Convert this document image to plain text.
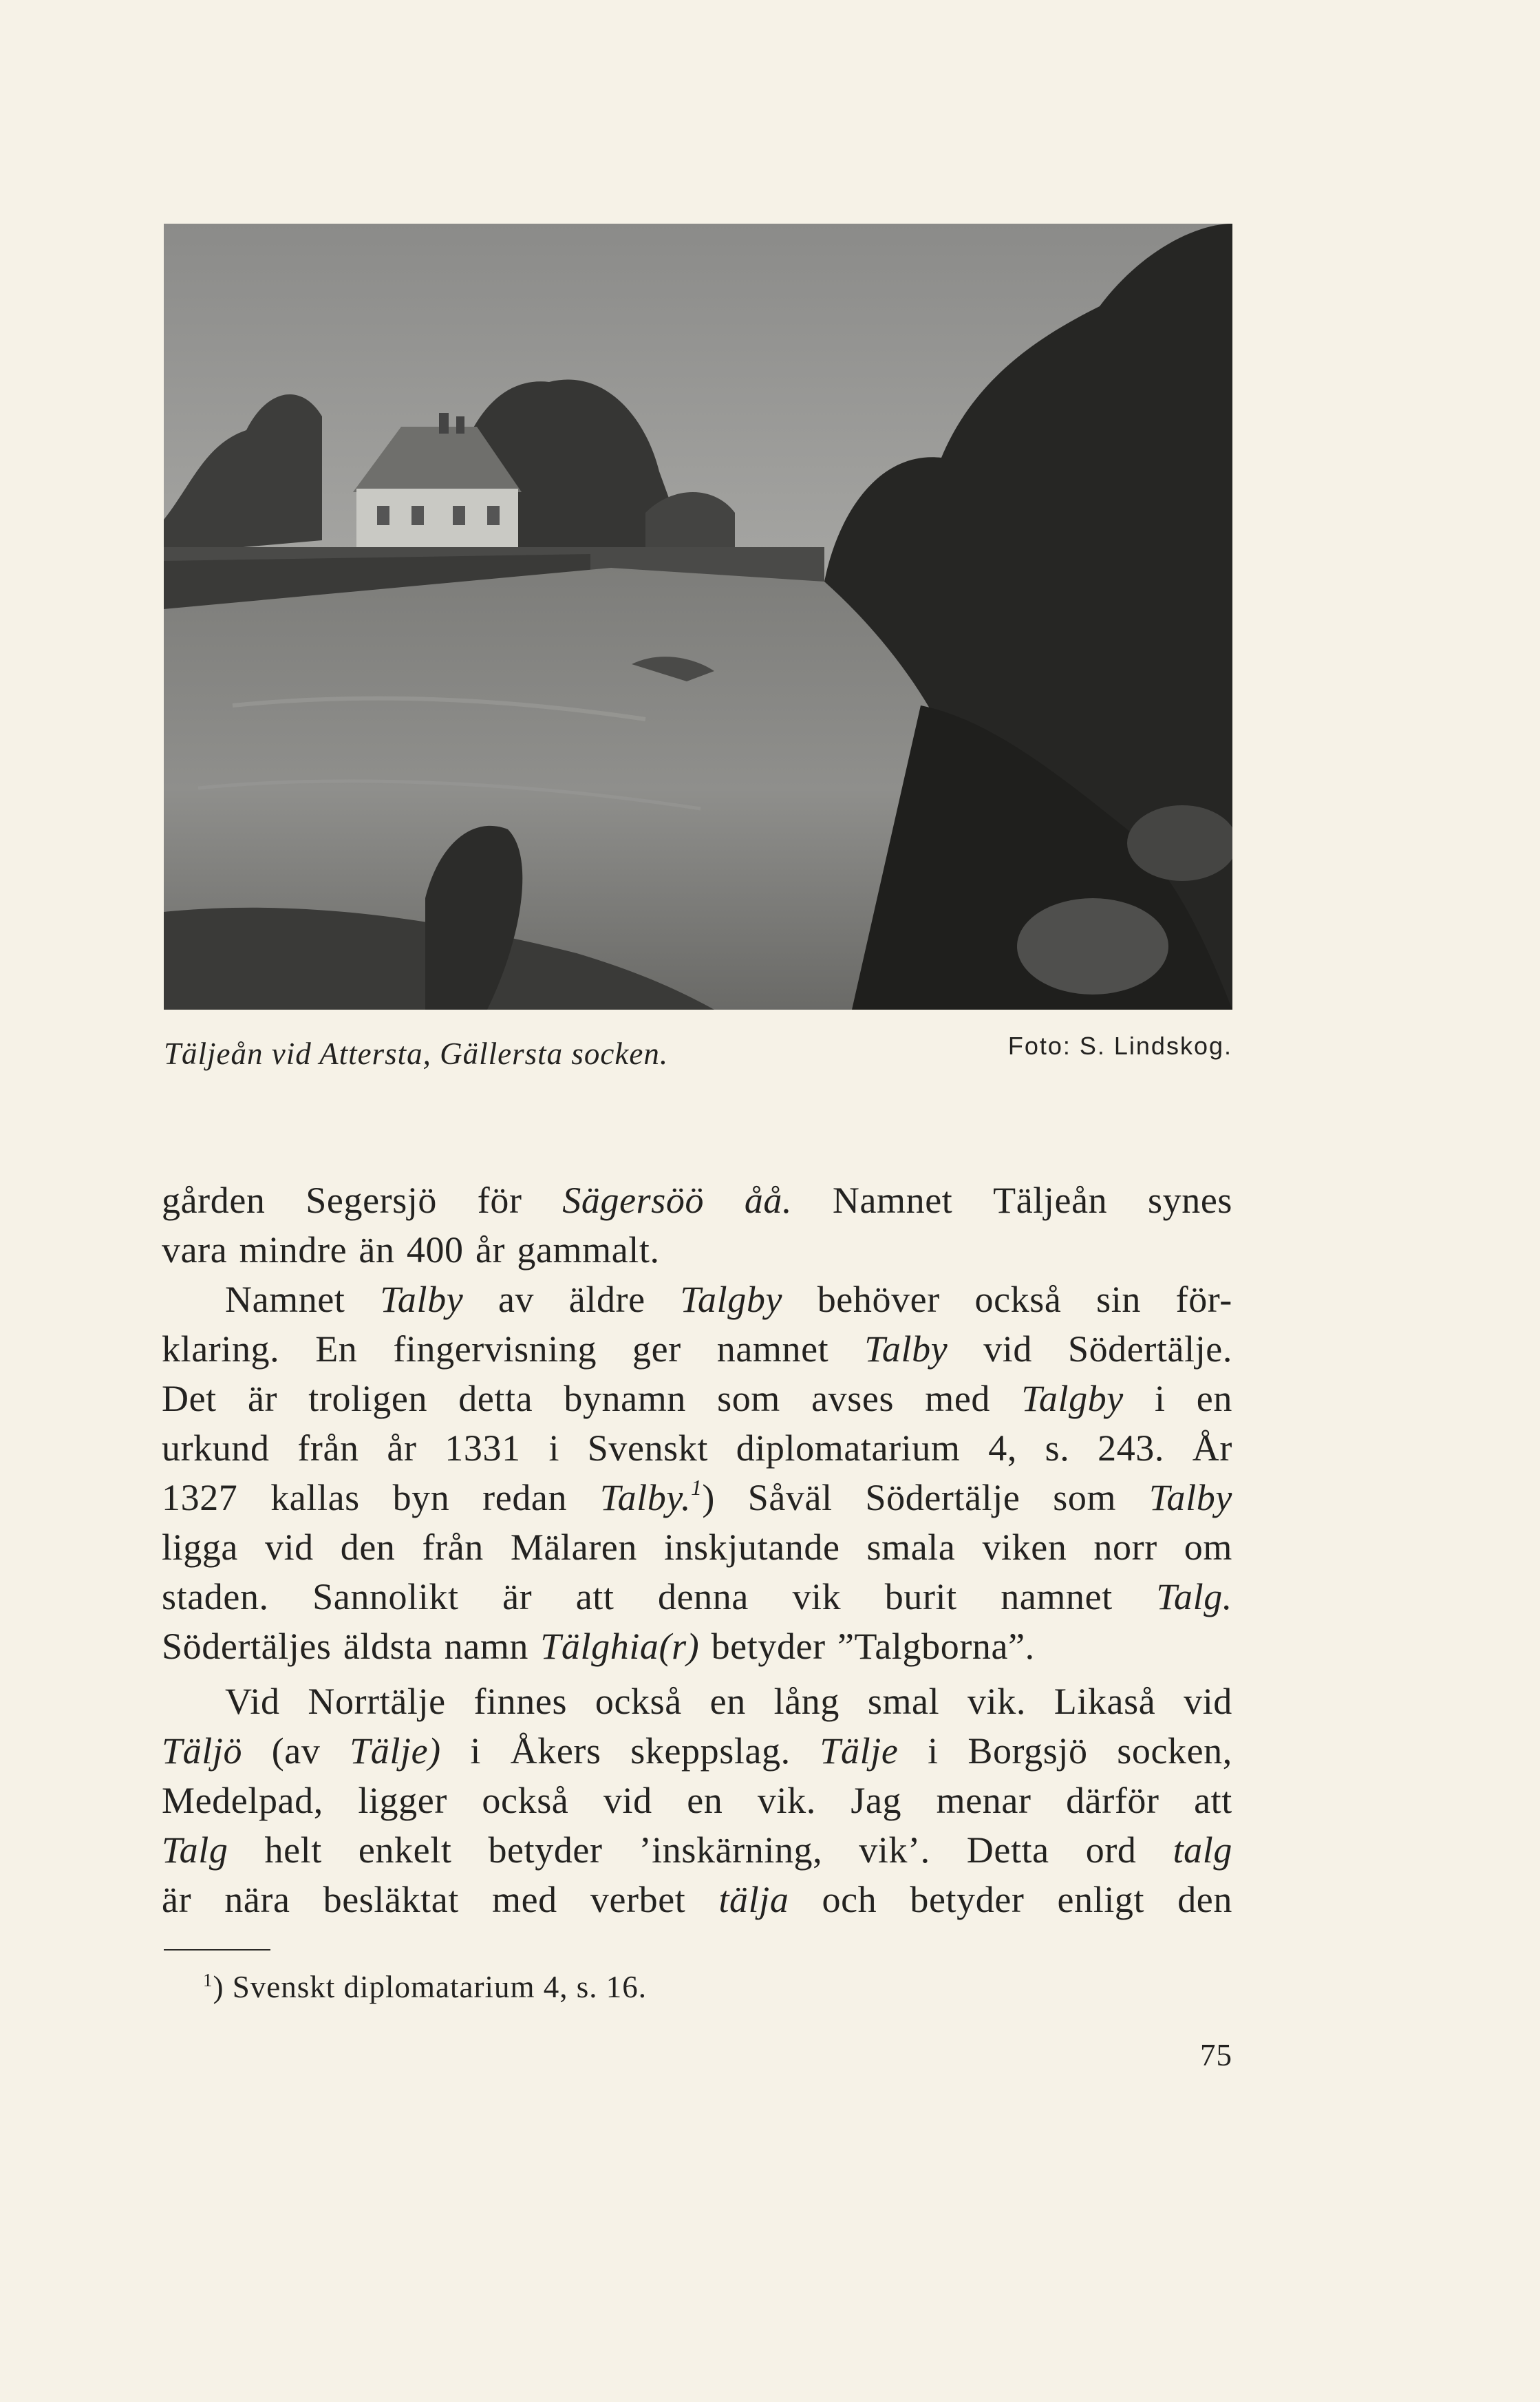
Täljeån vid Attersta, Gällersta socken.	Foto: S. Lindskog.
gården Segersjö för Sägersöö åå. Namnet Täljeån synes
vara mindre än 400 år gammalt.
Namnet Talby av äldre Talgby behöver också sin för-
klaring. En fingervisning ger namnet Talby vid Södertälje.
Det är troligen detta bynamn som avses med Talgby i en
urkund från år 1331 i Svenskt diplomatarium 4, s. 243. År
1327 kallas byn redan Talby.$^1$) Såväl Södertälje som Talby
ligga vid den från Mälaren inskjutande smala viken norr om
staden. Sannolikt är att denna vik burit namnet Talg.
Södertäljes äldsta namn Tälghia(r) betyder ”Talgborna”.
Vid Norrtälje finnes också en lång smal vik. Likaså vid
Täljö (av Tälje) i Åkers skeppslag. Tälje i Borgsjö socken,
Medelpad, ligger också vid en vik. Jag menar därför att
Talg helt enkelt betyder ’inskärning, vik’. Detta ord talg
är nära besläktat med verbet tälja och betyder enligt den
$^1$) Svenskt diplomatarium 4, s. 16.
75
